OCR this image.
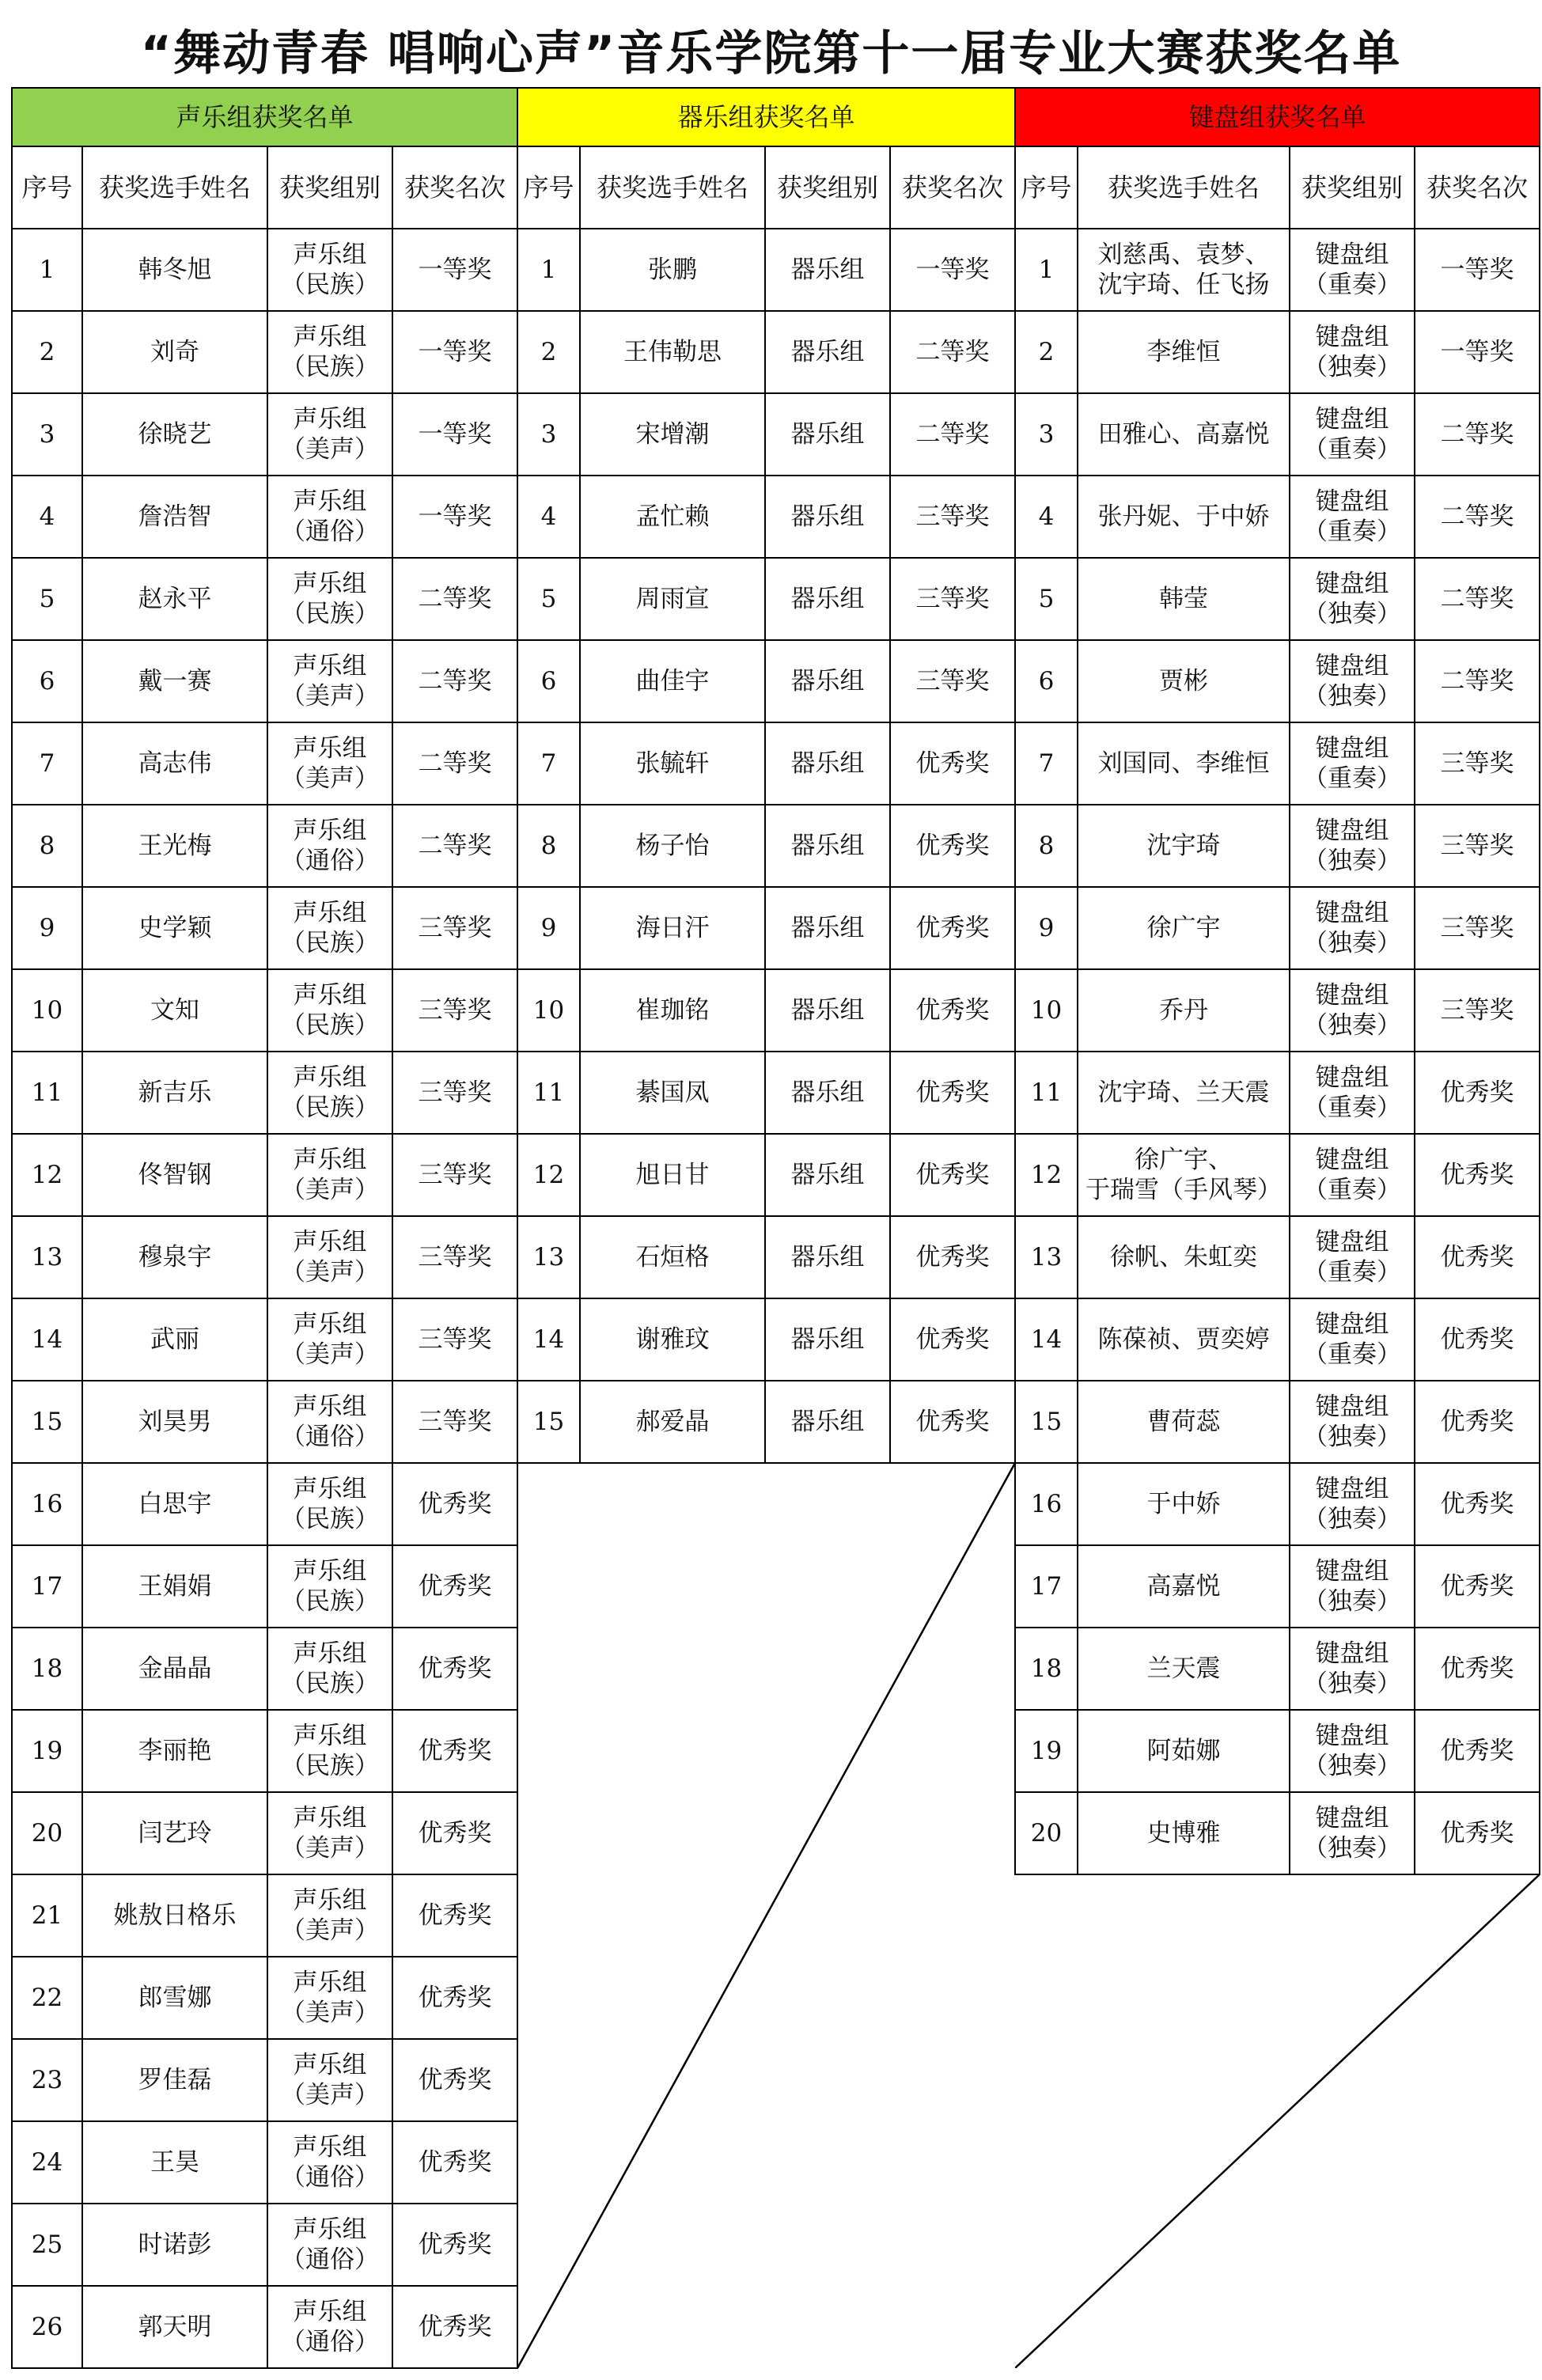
“舞动青春 唱响心声”音乐学院第十一届专业大赛获奖名单
声乐组获奖名单				器乐组获奖名单				键盘组获奖名单			
序号	获奖选手姓名	获奖组别	获奖名次	序号	获奖选手姓名	获奖组别	获奖名次	序号	获奖选手姓名	获奖组别	获奖名次
1	韩冬旭	声乐组
（民族）	一等奖	1	张鹏	器乐组	一等奖	1	刘慈禹、袁梦、
沈宇琦、任飞扬	键盘组
（重奏）	一等奖
2	刘奇	声乐组
（民族）	一等奖	2	王伟勒思	器乐组	二等奖	2	李维恒	键盘组
（独奏）	一等奖
3	徐晓艺	声乐组
（美声）	一等奖	3	宋增潮	器乐组	二等奖	3	田雅心、高嘉悦	键盘组
（重奏）	二等奖
4	詹浩智	声乐组
（通俗）	一等奖	4	孟忙赖	器乐组	三等奖	4	张丹妮、于中娇	键盘组
（重奏）	二等奖
5	赵永平	声乐组
（民族）	二等奖	5	周雨宣	器乐组	三等奖	5	韩莹	键盘组
（独奏）	二等奖
6	戴一赛	声乐组
（美声）	二等奖	6	曲佳宇	器乐组	三等奖	6	贾彬	键盘组
（独奏）	二等奖
7	高志伟	声乐组
（美声）	二等奖	7	张毓轩	器乐组	优秀奖	7	刘国同、李维恒	键盘组
（重奏）	三等奖
8	王光梅	声乐组
（通俗）	二等奖	8	杨子怡	器乐组	优秀奖	8	沈宇琦	键盘组
（独奏）	三等奖
9	史学颖	声乐组
（民族）	三等奖	9	海日汗	器乐组	优秀奖	9	徐广宇	键盘组
（独奏）	三等奖
10	文知	声乐组
（民族）	三等奖	10	崔珈铭	器乐组	优秀奖	10	乔丹	键盘组
（独奏）	三等奖
11	新吉乐	声乐组
（民族）	三等奖	11	綦国凤	器乐组	优秀奖	11	沈宇琦、兰天震	键盘组
（重奏）	优秀奖
12	佟智钢	声乐组
（美声）	三等奖	12	旭日甘	器乐组	优秀奖	12	徐广宇、
于瑞雪（手风琴）	键盘组
（重奏）	优秀奖
13	穆泉宇	声乐组
（美声）	三等奖	13	石烜格	器乐组	优秀奖	13	徐帆、朱虹奕	键盘组
（重奏）	优秀奖
14	武丽	声乐组
（美声）	三等奖	14	谢雅玟	器乐组	优秀奖	14	陈葆祯、贾奕婷	键盘组
（重奏）	优秀奖
15	刘昊男	声乐组
（通俗）	三等奖	15	郝爱晶	器乐组	优秀奖	15	曹荷蕊	键盘组
（独奏）	优秀奖
16	白思宇	声乐组
（民族）	优秀奖					16	于中娇	键盘组
（独奏）	优秀奖
17	王娟娟	声乐组
（民族）	优秀奖					17	高嘉悦	键盘组
（独奏）	优秀奖
18	金晶晶	声乐组
（民族）	优秀奖					18	兰天震	键盘组
（独奏）	优秀奖
19	李丽艳	声乐组
（民族）	优秀奖					19	阿茹娜	键盘组
（独奏）	优秀奖
20	闫艺玲	声乐组
（美声）	优秀奖					20	史博雅	键盘组
（独奏）	优秀奖
21	姚敖日格乐	声乐组
（美声）	优秀奖								
22	郎雪娜	声乐组
（美声）	优秀奖								
23	罗佳磊	声乐组
（美声）	优秀奖								
24	王昊	声乐组
（通俗）	优秀奖								
25	时诺彭	声乐组
（通俗）	优秀奖								
26	郭天明	声乐组
（通俗）	优秀奖								
